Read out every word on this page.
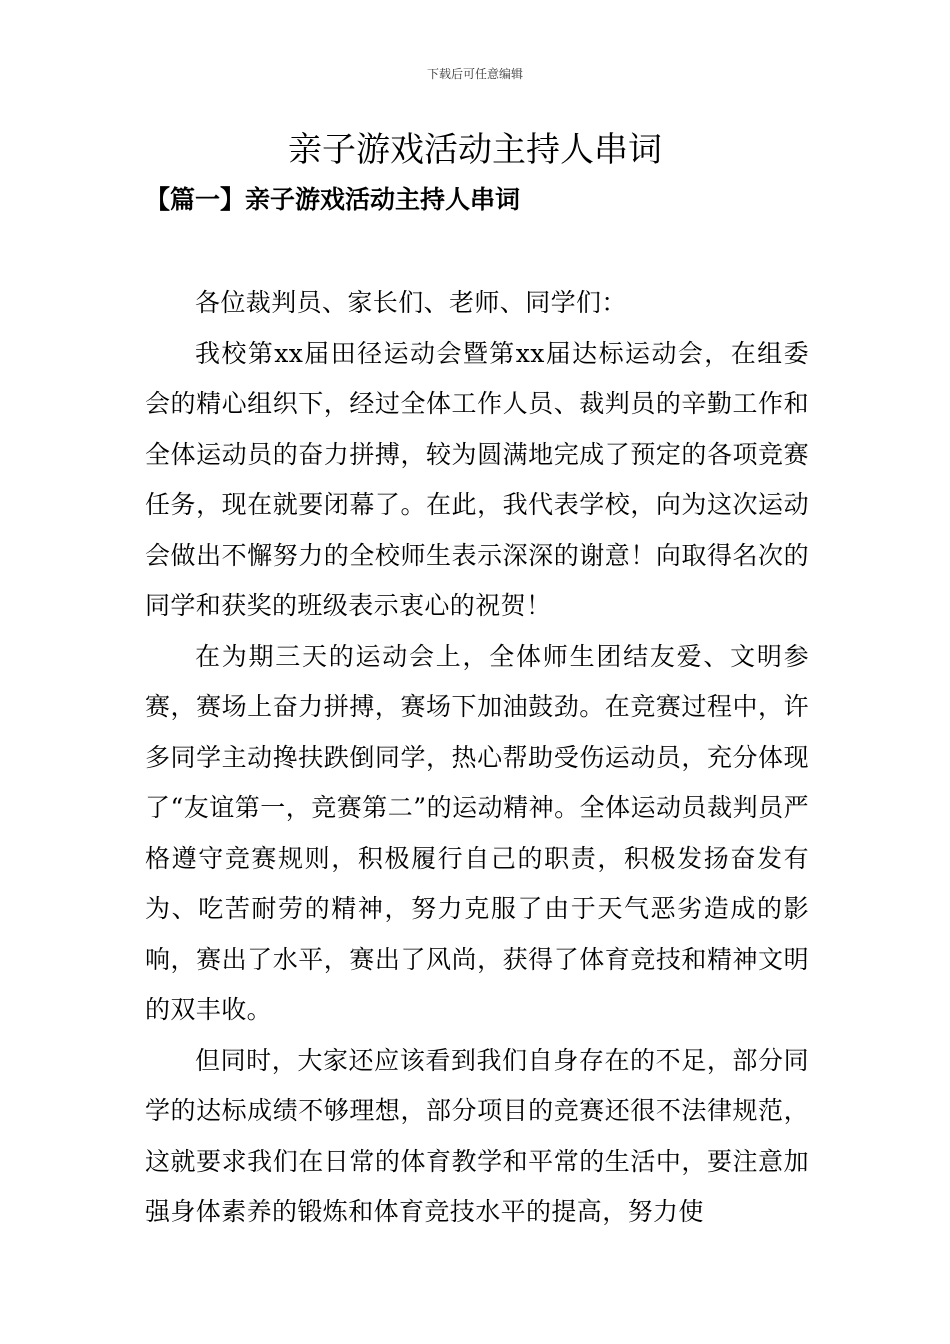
下载后可任意编辑
亲子游戏活动主持人串词
【篇一】亲子游戏活动主持人串词

各位裁判员、家长们、老师、同学们：

我校第xx届田径运动会暨第xx届达标运动会，在组委会的精心组织下，经过全体工作人员、裁判员的辛勤工作和全体运动员的奋力拼搏，较为圆满地完成了预定的各项竞赛任务，现在就要闭幕了。在此，我代表学校，向为这次运动会做出不懈努力的全校师生表示深深的谢意！向取得名次的同学和获奖的班级表示衷心的祝贺！

在为期三天的运动会上，全体师生团结友爱、文明参赛，赛场上奋力拼搏，赛场下加油鼓劲。在竞赛过程中，许多同学主动搀扶跌倒同学，热心帮助受伤运动员，充分体现了“友谊第一，竞赛第二”的运动精神。全体运动员裁判员严格遵守竞赛规则，积极履行自己的职责，积极发扬奋发有为、吃苦耐劳的精神，努力克服了由于天气恶劣造成的影响，赛出了水平，赛出了风尚，获得了体育竞技和精神文明的双丰收。

但同时，大家还应该看到我们自身存在的不足，部分同学的达标成绩不够理想，部分项目的竞赛还很不法律规范，这就要求我们在日常的体育教学和平常的生活中，要注意加强身体素养的锻炼和体育竞技水平的提高，努力使
